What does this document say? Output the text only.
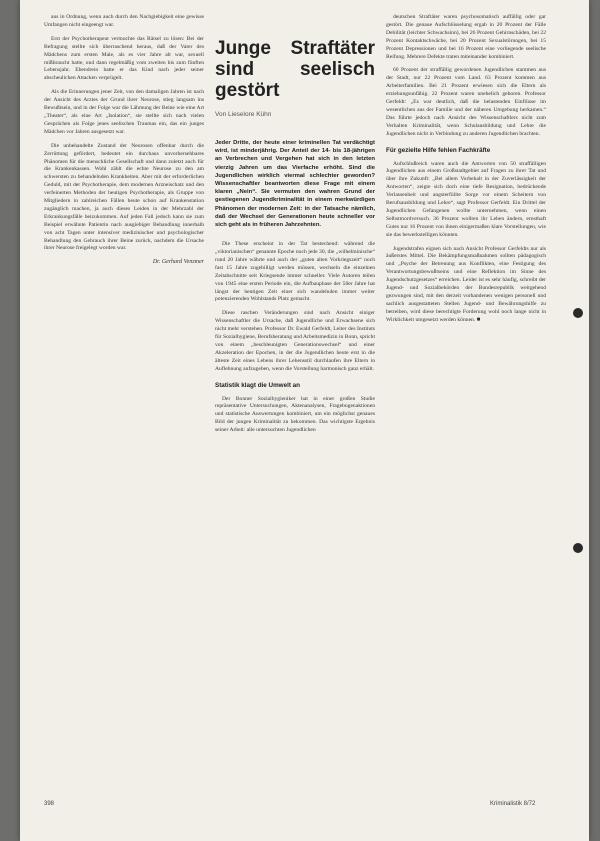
aus in Ordnung, wenn auch durch den Nachgiebigkeit eine gewisse Umfangen nicht eingeengt war.

Erst der Psychotherapeut vermochte das Rätsel zu lösen: Bei der Befragung stellte sich überraschend heraus, daß der Vater des Mädchens zum ersten Male, als es vier Jahre alt war, sexuell mißbraucht hatte, und dann regelmäßig vom zweiten bis zum fünften Lebensjahr. Ebendrein hatte er das Kind nach jeder seiner abscheulichen Attacken verprügelt.

Als die Erinnerungen jener Zeit, von den damaligen Jahren ist nach der Ansicht des Arztes der Grund ihrer Neurose, stieg langsam ins Bewußtsein, und in der Folge war die Lähmung der Beine wie eine Art „Theater“, als eine Art „Isolation“, sie stellte sich nach vielen Gesprächen als Folge jenes seelischen Traumas ein, das ein junges Mädchen vor Jahren ausgesetzt war.

Die unbehandelte Zustand der Neurosen offenbar durch die Zerrüttung gefördert, bedeutet ein durchaus unvorhersehbares Phänomen für die menschliche Gesellschaft und dann zuletzt auch für die Krankenkassen. Wohl zählt die echte Neurose zu den am schwersten zu behandelnden Krankheiten. Aber mit der erforderlichen Geduld, mit der Psychotherapie, dem modernen Arzneischatz und den verfeinerten Methoden der heutigen Psychotherapie, als Gruppe von Mitgliedern in zahlreichen Fällen heute schon auf Krankenstation zugänglich machen, ja auch dieses Leiden in der Mehrzahl der Erkrankungsfälle beizukommen. Auf jeden Fall jedoch kann sie zum Beispiel erwähnte Patientin nach ausgiebiger Behandlung innerhalb von acht Tagen unter intensiver medizinischer und psychologischer Behandlung den Gebrauch ihrer Beine zurück, nachdem die Ursache ihrer Neurose freigelegt worden war.

Dr. Gerhard Venzmer
Junge Straftäter sind seelisch gestört
Von Lieselore Kühn
Jeder Dritte, der heute einer kriminellen Tat verdächtigt wird, ist minderjährig. Der Anteil der 14- bis 18-jährigen an Verbrechen und Vergehen hat sich in den letzten vierzig Jahren um das Vierfache erhöht. Sind die Jugendlichen wirklich viermal schlechter geworden? Wissenschaftler beantworten diese Frage mit einem klaren „Nein“. Sie vermuten den wahren Grund der gestiegenen Jugendkriminalität in einem merkwürdigen Phänomen der modernen Zeit: in der Tatsache nämlich, daß der Wechsel der Generationen heute schneller vor sich geht als in früheren Jahrzehnten.

Die These erscheint in der Tat bestechend: während die „viktorianischen“ genannte Epoche noch jede 30, die „wilhelminische“ rund 20 Jahre währte und auch der „guten alten Vorkriegszeit“ noch fast 15 Jahre zugebilligt werden müssen, wechseln die einzelnen Zeitabschnitte seit Kriegsende immer schneller. Viele Autoren teilen von 1945 eine ersten Periode ein, die Aufbauphase der 50er Jahre hat längst der heutigen Zeit einer sich wandelnden immer weiter potenzierenden Wohlstands Platz gemacht.

Diese raschen Veränderungen sind nach Ansicht einiger Wissenschaftler die Ursache, daß Jugendliche und Erwachsene sich nicht mehr verstehen. Professor Dr. Ewald Gerfeldt, Leiter des Instituts für Sozialhygiene, Berufsberatung und Arbeitsmedizin in Bonn, spricht von einem „beschleunigten Generationswechsel“ und einer Akzeleration der Epochen, in der die Jugendlichen heute erst in die älteste Zeit eines Lebens ihrer Lebensstil durchlaufen ihre Eltern in Auflehnung aufzugeben, wenn die Vorstellung harmonisch ganz erhält.

Statistik klagt die Umwelt an

Der Bonner Sozialhygieniker hat in einer großen Studie repräsentative Untersuchungen, Aktenanalysen, Fragebogenaktionen und statistische Auswertungen kombiniert, um ein möglichst genaues Bild der jungen Kriminalität zu bekommen. Das wichtigste Ergebnis seiner Arbeit: alle untersuchten Jugendlichen

deutschen Straftäter waren psychosomatisch auffällig oder gar gestört. Die genaue Aufschlüsselung ergab in 20 Prozent der Fälle Debilität (leichter Schwachsinn), bei 26 Prozent Gehirnschäden, bei 22 Prozent Kontaktschwäche, bei 20 Prozent Sexualstörungen, bei 15 Prozent Depressionen und bei 16 Prozent eine vorliegende seelische Reifung. Mehrere Defekte traten miteinander kombiniert.

60 Prozent der straffällig gewordenen Jugendlichen stammen aus der Stadt, nur 22 Prozent vom Land. 63 Prozent kommen aus Arbeiterfamilien. Bei 21 Prozent erwiesen sich die Eltern als erziehungsunfähig. 22 Prozent waren unehelich geboren. Professor Gerfeldt: „Es war deutlich, daß die belastenden Einflüsse im wesentlichen aus der Familie und der näheren Umgebung herkamen.“ Das führte jedoch nach Ansicht des Wissenschaftlers nicht zum Verhalten Kriminalität, wenn Schulausbildung und Lehre die Jugendlichen nicht in Verbindung zu anderen Jugendlichen brachten.

Für gezielte Hilfe fehlen Fachkräfte

Aufschlußreich waren auch die Antworten von 50 straffälligen Jugendlichen aus einem Großstadtgebiet auf Fragen zu ihrer Tat und über ihre Zukunft: „Bei allem Vorbehalt in der Zuverlässigkeit der Antworten“, zeigte sich doch eine tiefe Resignation, bedrückende Verlassenheit und angsterfüllte Sorge vor einem Scheitern von Berufsausbildung und Lehre“, sagt Professor Gerfeldt. Ein Drittel der Jugendlichen Gefangenen wollte unternehmen, wenn einen Selbstmordversuch. 36 Prozent wollten ihr Leben ändern, ernsthaft Gutes nur 16 Prozent von ihnen einigermaßen klare Vorstellungen, wie sie das bewerkstelligen könnten.

Jugendstrafen eignen sich nach Ansicht Professor Gerfeldts nur als äußerstes Mittel. Die Bekämpfungsmaßnahmen sollten pädagogisch und „Psyche der Betreuung aus Konflikten, eine Festigung des Verantwortungsbewußtseins und eine Reflektion im Sinne des Jugendschutzgesetzes“ erreichen. Leider ist es sehr häufig, schreibt der Jugend- und Sozialbehörden der Bundesrepublik weitgehend gezwungen sind, mit den derzeit vorhandenen wenigen personell und sachlich ausgestatteten Stellen Jugend- und Bewährungshilfe zu betreiben, wird diese berechtigte Forderung wohl noch lange nicht in Wirklichkeit umgesetzt werden können. ■

398	Kriminalistik 8/72
